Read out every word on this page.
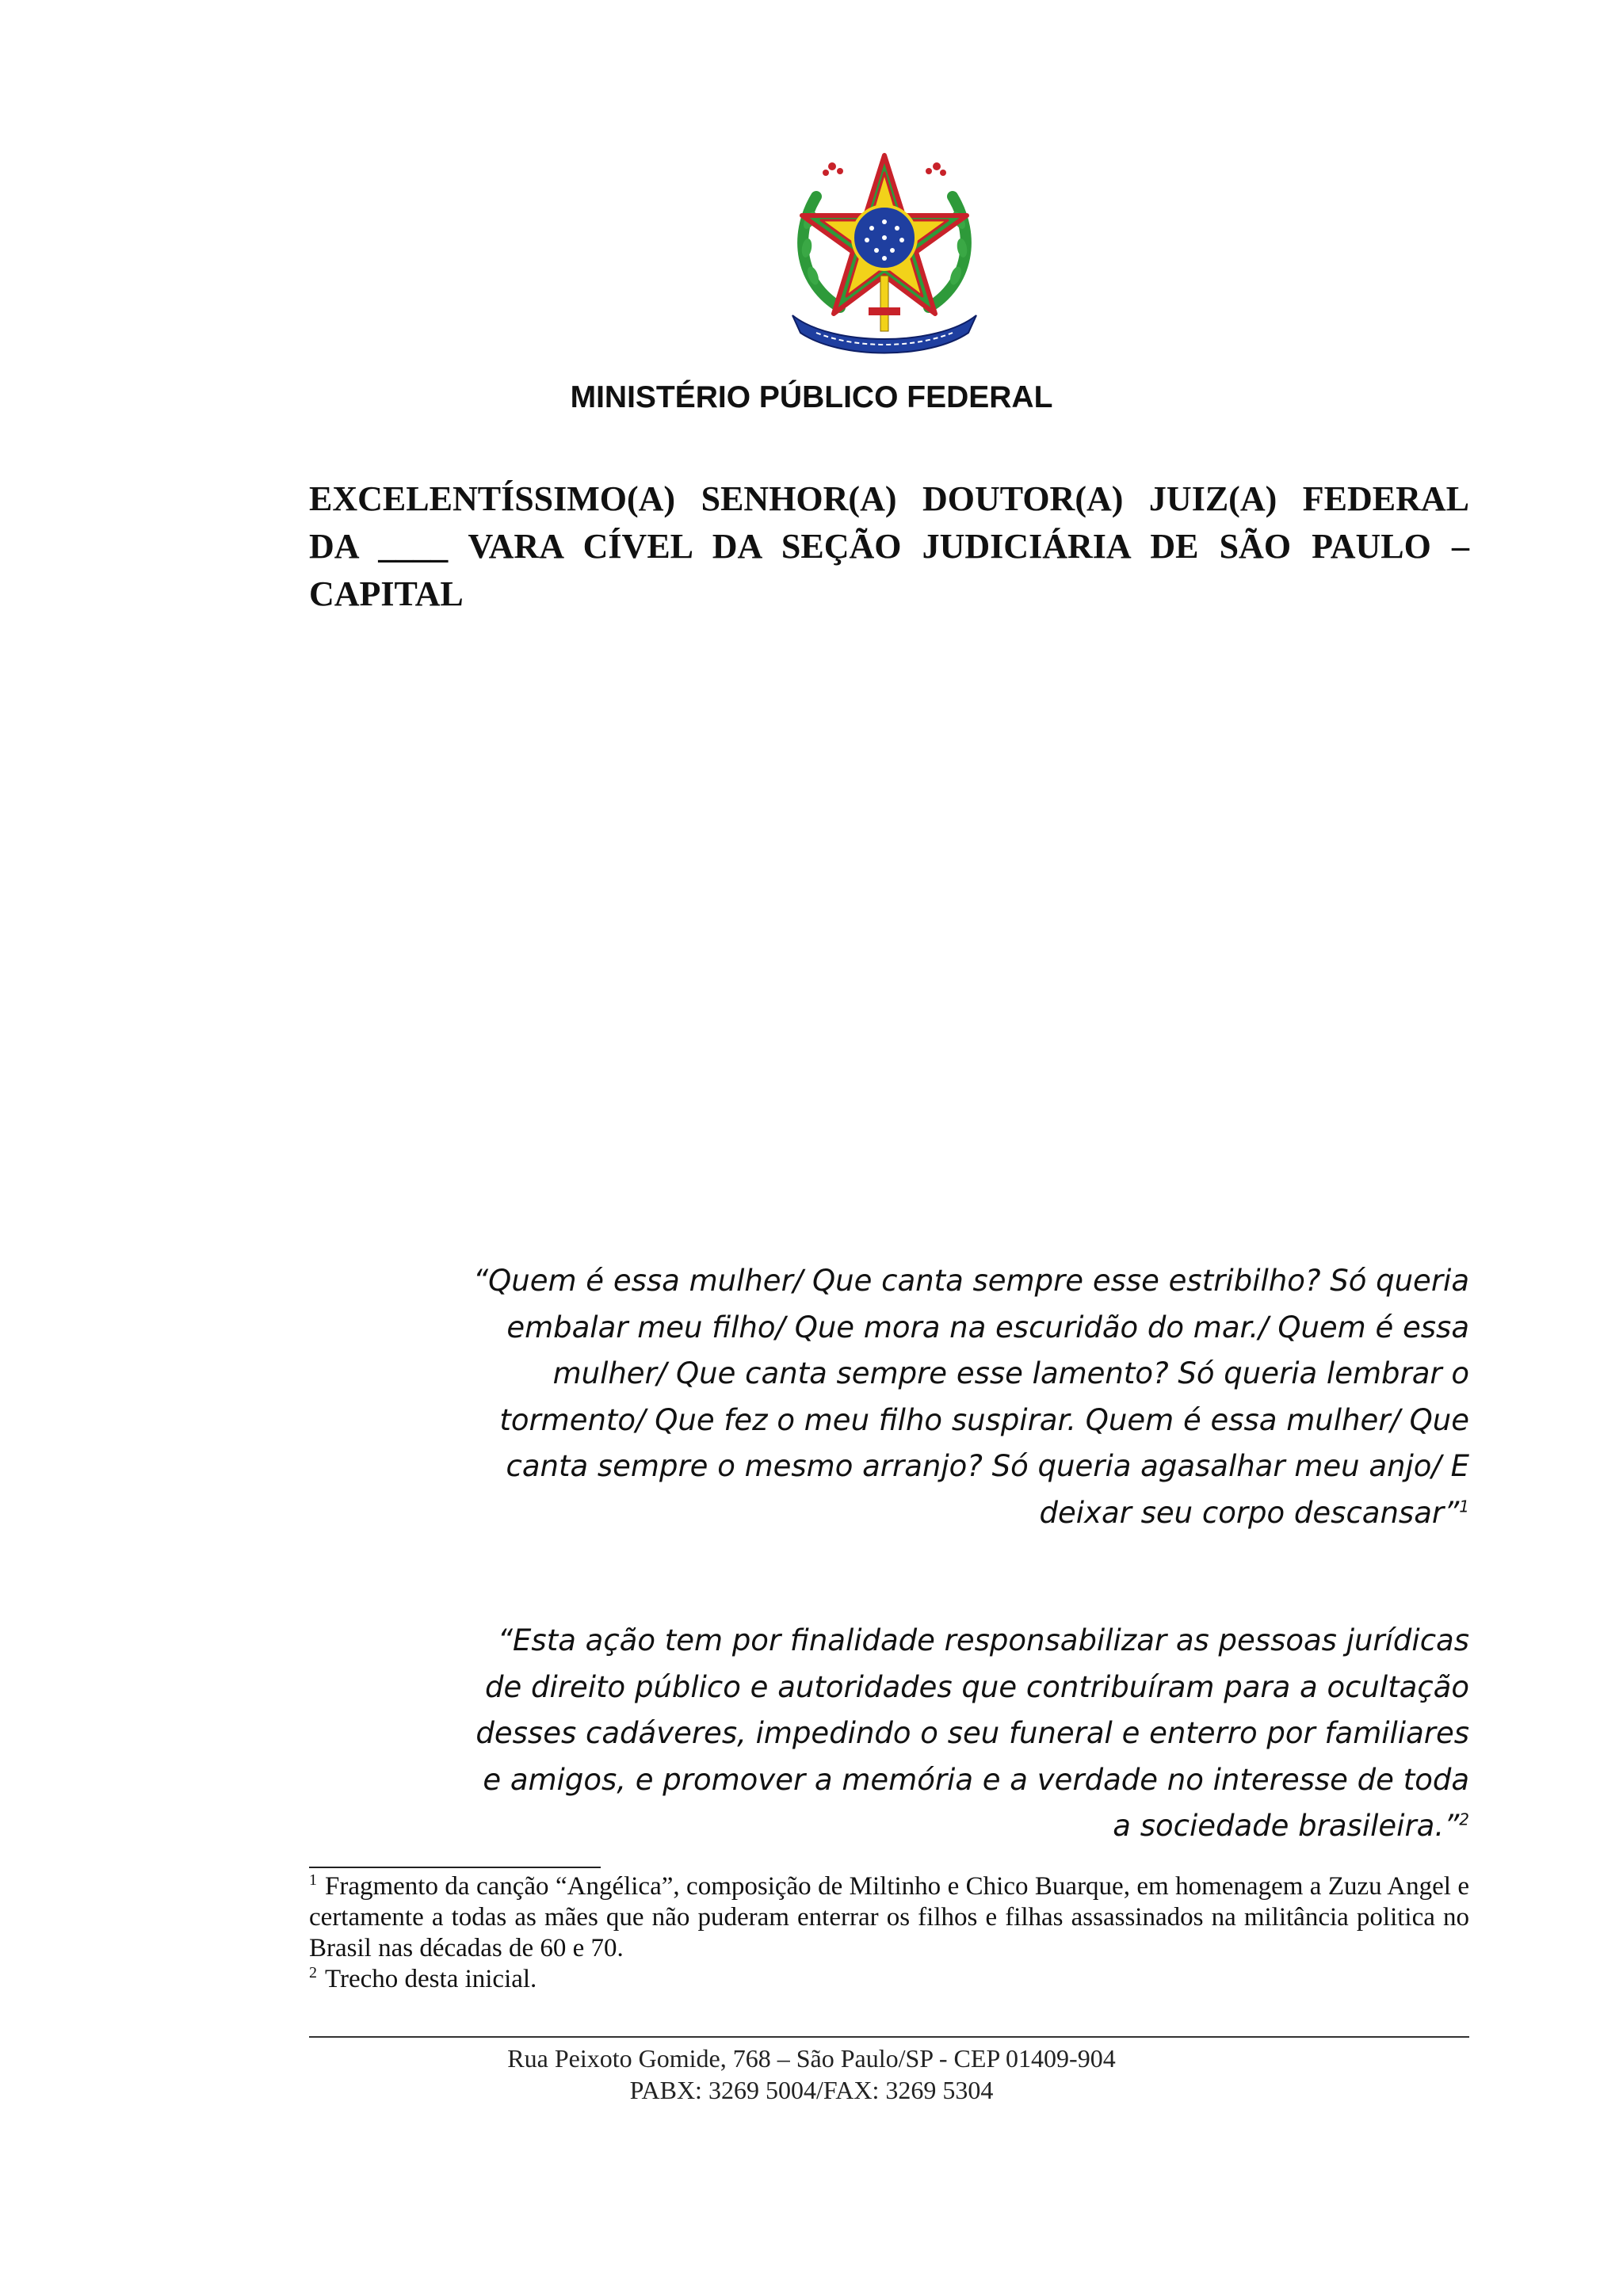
MINISTÉRIO PÚBLICO FEDERAL
EXCELENTÍSSIMO(A) SENHOR(A) DOUTOR(A) JUIZ(A) FEDERAL
DA ____ VARA CÍVEL DA SEÇÃO JUDICIÁRIA DE SÃO PAULO –
CAPITAL

“Quem é essa mulher/ Que canta sempre esse estribilho? Só queria embalar meu filho/ Que mora na escuridão do mar./ Quem é essa mulher/ Que canta sempre esse lamento? Só queria lembrar o tormento/ Que fez o meu filho suspirar. Quem é essa mulher/ Que canta sempre o mesmo arranjo? Só queria agasalhar meu anjo/ E deixar seu corpo descansar”$^1$

“Esta ação tem por finalidade responsabilizar as pessoas jurídicas de direito público e autoridades que contribuíram para a ocultação desses cadáveres, impedindo o seu funeral e enterro por familiares e amigos, e promover a memória e a verdade no interesse de toda a sociedade brasileira.”$^2$

$^1$ Fragmento da canção “Angélica”, composição de Miltinho e Chico Buarque, em homenagem a Zuzu Angel e certamente a todas as mães que não puderam enterrar os filhos e filhas assassinados na militância politica no Brasil nas décadas de 60 e 70.

$^2$ Trecho desta inicial.

Rua Peixoto Gomide, 768 – São Paulo/SP - CEP 01409-904
PABX: 3269 5004/FAX: 3269 5304
